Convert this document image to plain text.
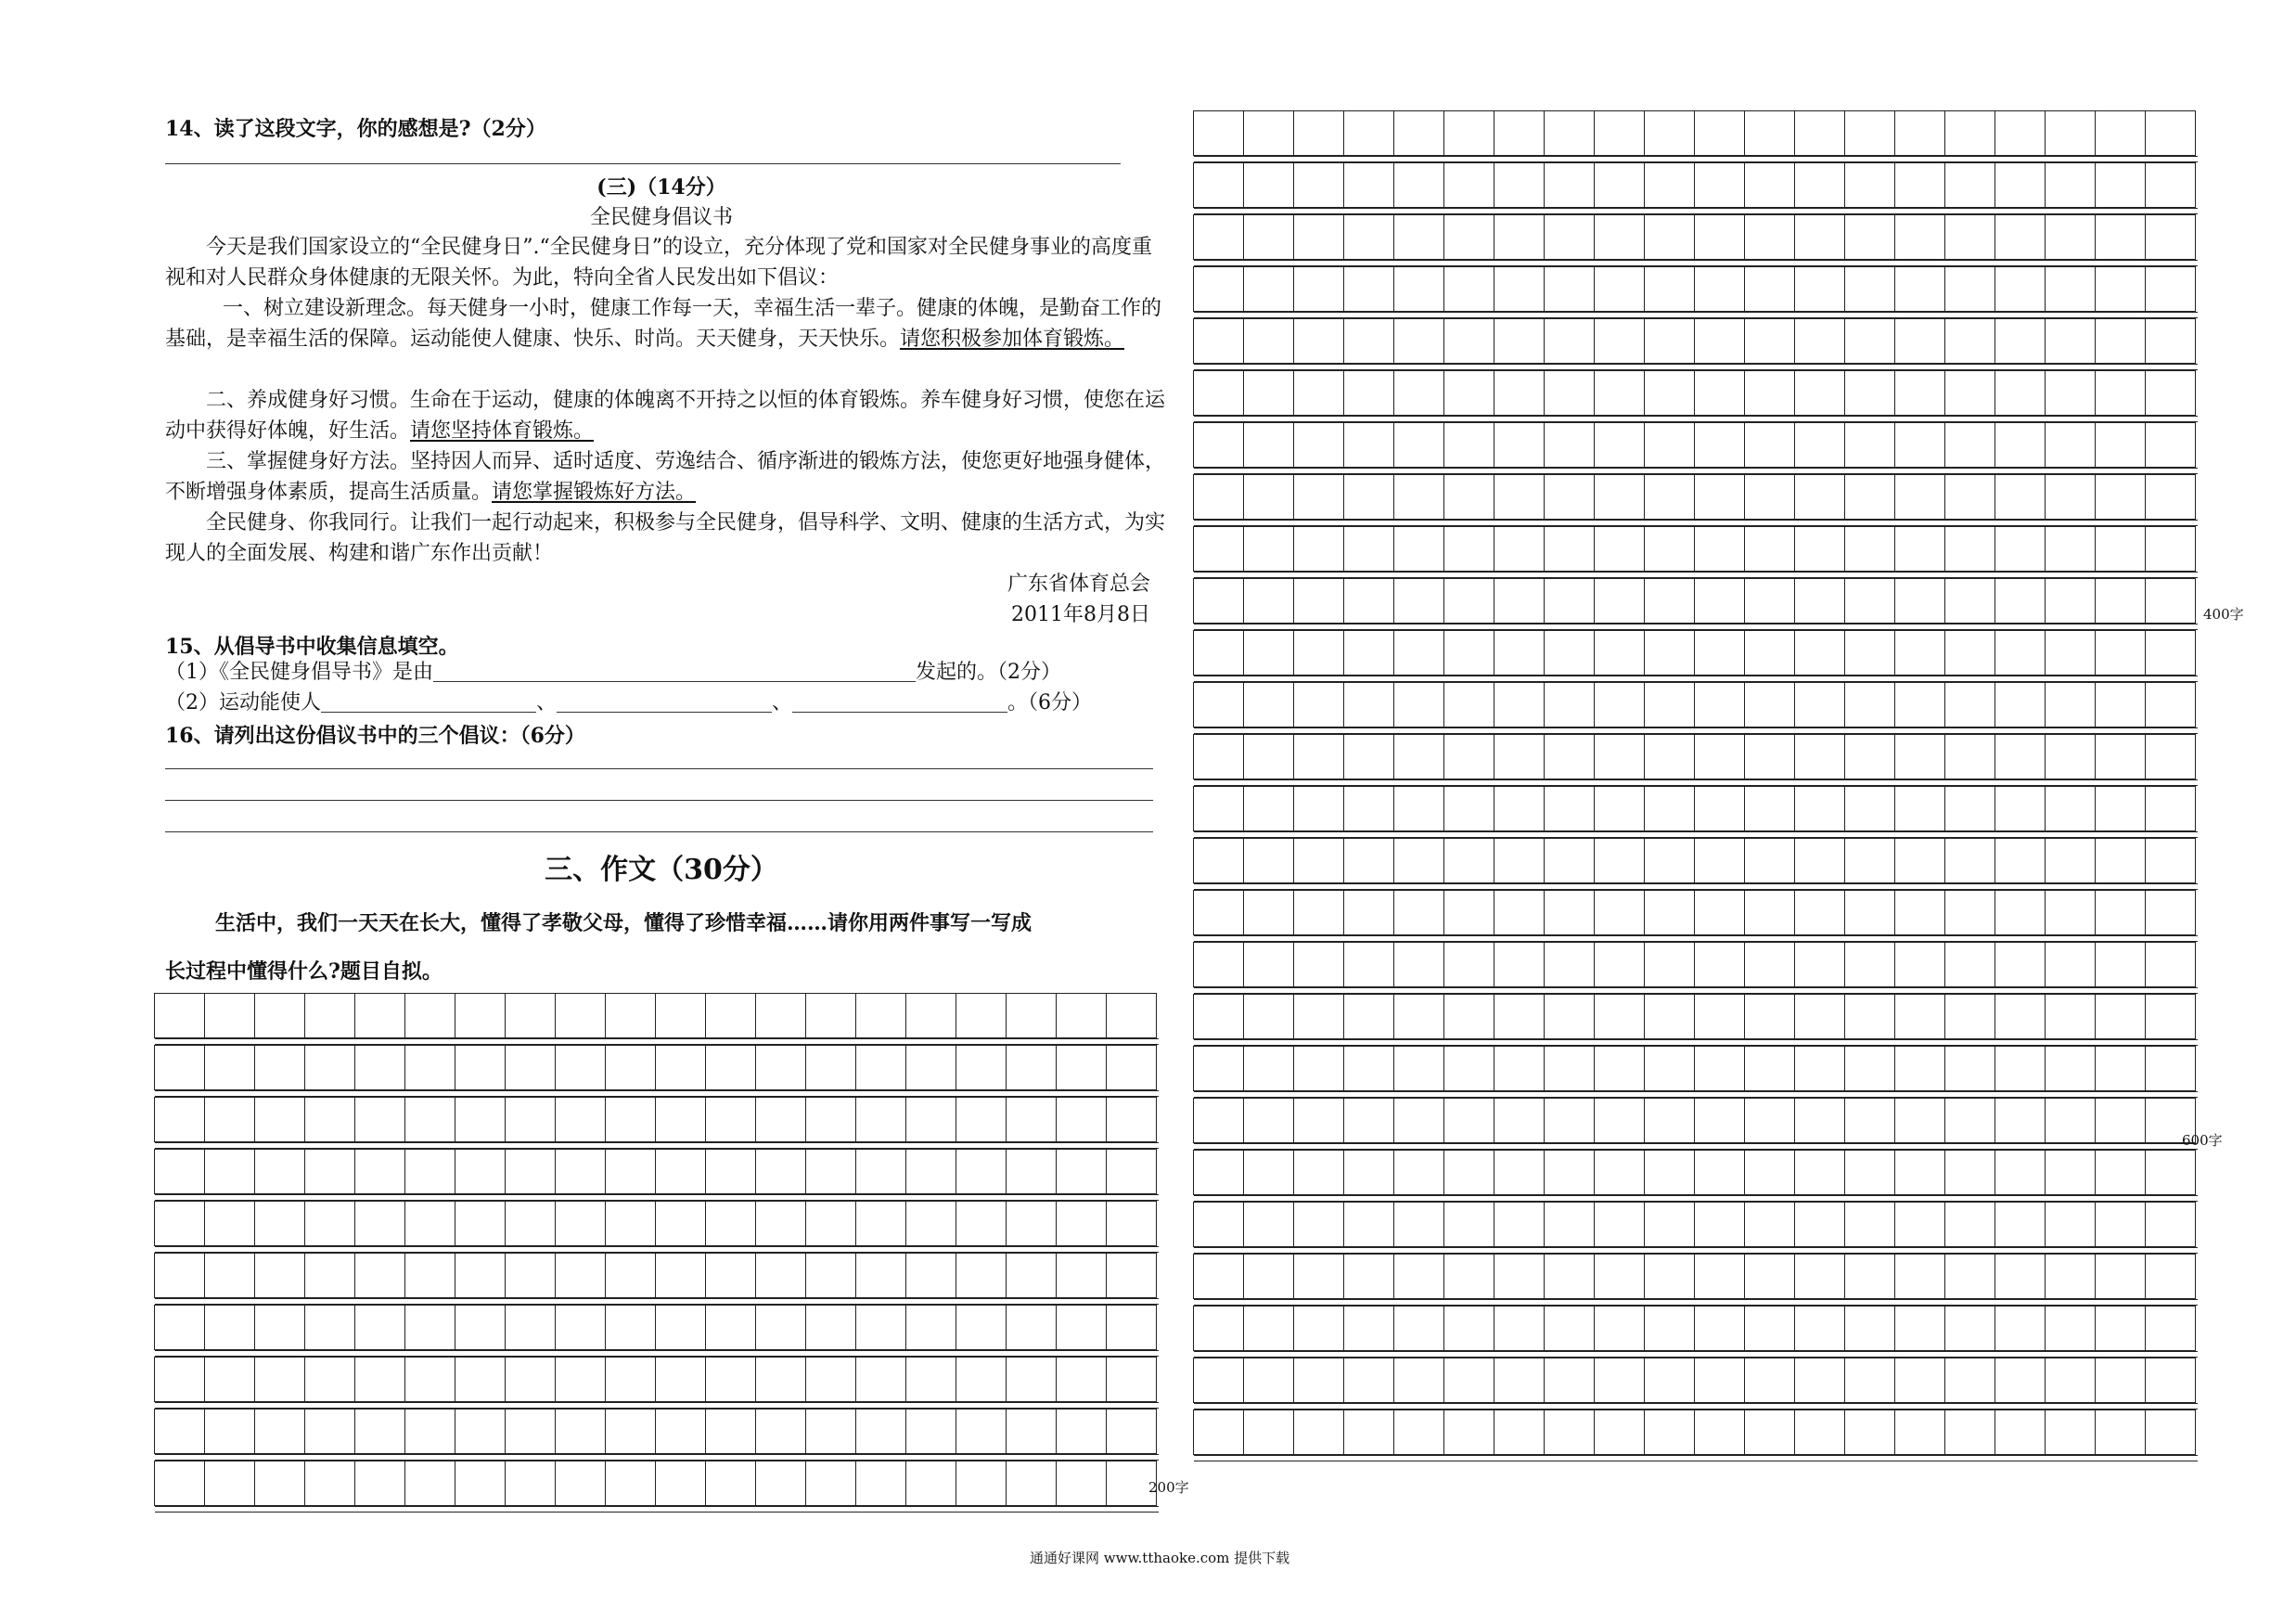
14、读了这段文字，你的感想是?（2分）
(三)（14分）
全民健身倡议书
今天是我们国家设立的“全民健身日”.“全民健身日”的设立，充分体现了党和国家对全民健身事业的高度重视和对人民群众身体健康的无限关怀。为此，特向全省人民发出如下倡议：
一、树立建设新理念。每天健身一小时，健康工作每一天，幸福生活一辈子。健康的体魄，是勤奋工作的基础，是幸福生活的保障。运动能使人健康、快乐、时尚。天天健身，天天快乐。请您积极参加体育锻炼。
二、养成健身好习惯。生命在于运动，健康的体魄离不开持之以恒的体育锻炼。养车健身好习惯，使您在运动中获得好体魄，好生活。请您坚持体育锻炼。
三、掌握健身好方法。坚持因人而异、适时适度、劳逸结合、循序渐进的锻炼方法，使您更好地强身健体，不断增强身体素质，提高生活质量。请您掌握锻炼好方法。
全民健身、你我同行。让我们一起行动起来，积极参与全民健身，倡导科学、文明、健康的生活方式，为实现人的全面发展、构建和谐广东作出贡献！
广东省体育总会
2011年8月8日
15、从倡导书中收集信息填空。
（1）《全民健身倡导书》是由	发起的。（2分）
（2）运动能使人	、	、	。（6分）
16、请列出这份倡议书中的三个倡议：（6分）
三、作文（30分）
生活中，我们一天天在长大，懂得了孝敬父母，懂得了珍惜幸福……请你用两件事写一写成
长过程中懂得什么?题目自拟。
200字
400字
600字
通通好课网 www.tthaoke.com 提供下载
